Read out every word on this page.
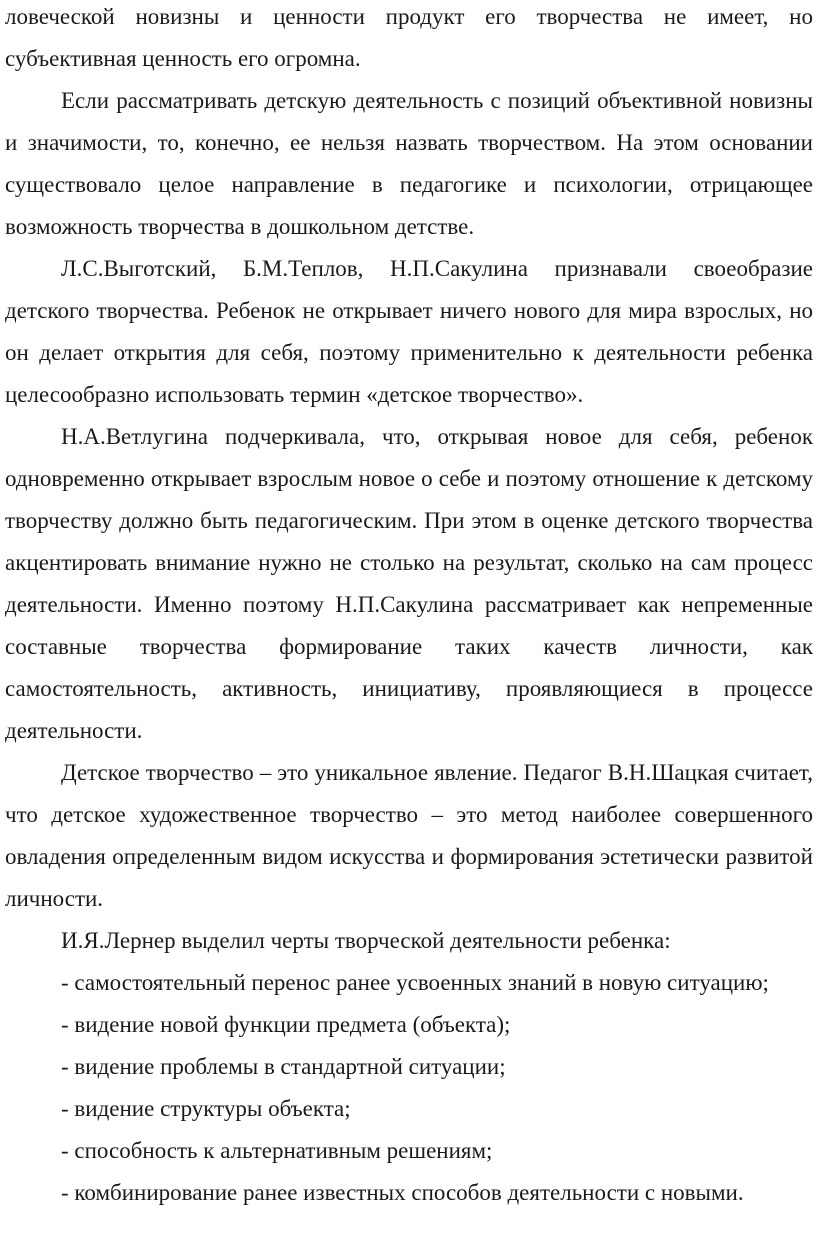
ловеческой новизны и ценности продукт его творчества не имеет, но субъективная ценность его огромна.

Если рассматривать детскую деятельность с позиций объективной новизны и значимости, то, конечно, ее нельзя назвать творчеством. На этом основании существовало целое направление в педагогике и психологии, отрицающее возможность творчества в дошкольном детстве.

Л.С.Выготский, Б.М.Теплов, Н.П.Сакулина признавали своеобразие детского творчества. Ребенок не открывает ничего нового для мира взрослых, но он делает открытия для себя, поэтому применительно к деятельности ребенка целесообразно использовать термин «детское творчество».

Н.А.Ветлугина подчеркивала, что, открывая новое для себя, ребенок одновременно открывает взрослым новое о себе и поэтому отношение к детскому творчеству должно быть педагогическим. При этом в оценке детского творчества акцентировать внимание нужно не столько на результат, сколько на сам процесс деятельности. Именно поэтому Н.П.Сакулина рассматривает как непременные составные творчества формирование таких качеств личности, как самостоятельность, активность, инициативу, проявляющиеся в процессе деятельности.

Детское творчество – это уникальное явление. Педагог В.Н.Шацкая считает, что детское художественное творчество – это метод наиболее совершенного овладения определенным видом искусства и формирования эстетически развитой личности.

И.Я.Лернер выделил черты творческой деятельности ребенка:

- самостоятельный перенос ранее усвоенных знаний в новую ситуацию;

- видение новой функции предмета (объекта);

- видение проблемы в стандартной ситуации;

- видение структуры объекта;

- способность к альтернативным решениям;

- комбинирование ранее известных способов деятельности с новыми.
